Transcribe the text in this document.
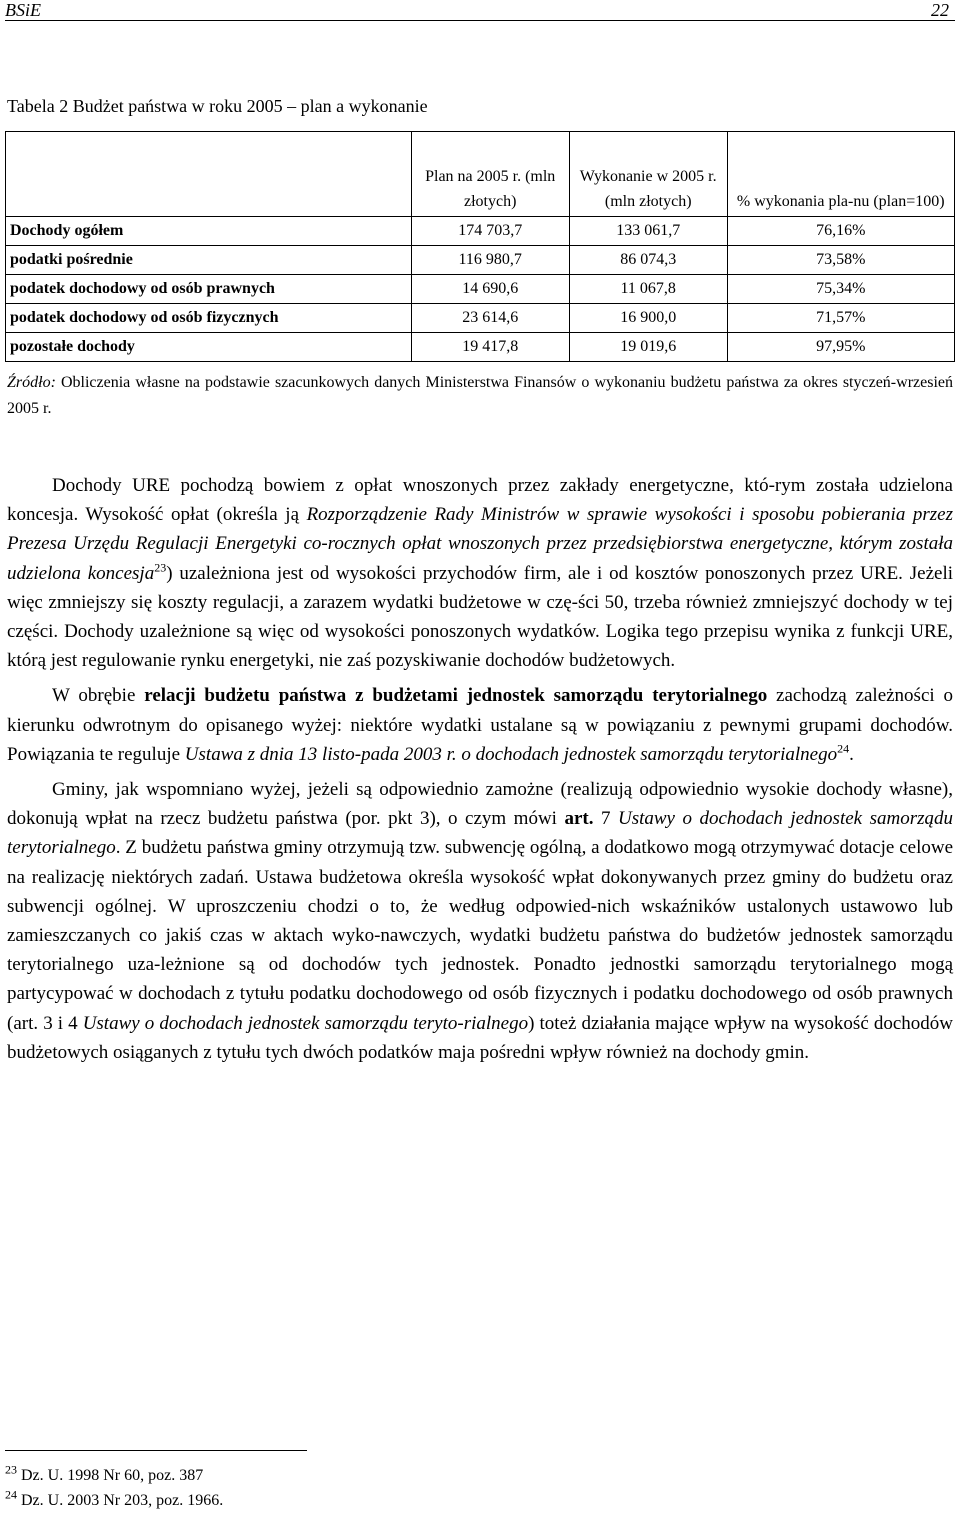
BSiE	22
Tabela 2 Budżet państwa w roku 2005 – plan a wykonanie
	Plan na 2005 r. (mln złotych)	Wykonanie w 2005 r. (mln złotych)	% wykonania pla-nu (plan=100)
Dochody ogółem	174 703,7	133 061,7	76,16%
podatki pośrednie	116 980,7	86 074,3	73,58%
podatek dochodowy od osób prawnych	14 690,6	11 067,8	75,34%
podatek dochodowy od osób fizycznych	23 614,6	16 900,0	71,57%
pozostałe dochody	19 417,8	19 019,6	97,95%
Źródło: Obliczenia własne na podstawie szacunkowych danych Ministerstwa Finansów o wykonaniu budżetu państwa za okres styczeń-wrzesień 2005 r.

Dochody URE pochodzą bowiem z opłat wnoszonych przez zakłady energetyczne, któ-rym została udzielona koncesja. Wysokość opłat (określa ją Rozporządzenie Rady Ministrów w sprawie wysokości i sposobu pobierania przez Prezesa Urzędu Regulacji Energetyki co-rocznych opłat wnoszonych przez przedsiębiorstwa energetyczne, którym została udzielona koncesja$^{23}$) uzależniona jest od wysokości przychodów firm, ale i od kosztów ponoszonych przez URE. Jeżeli więc zmniejszy się koszty regulacji, a zarazem wydatki budżetowe w czę-ści 50, trzeba również zmniejszyć dochody w tej części. Dochody uzależnione są więc od wysokości ponoszonych wydatków. Logika tego przepisu wynika z funkcji URE, którą jest regulowanie rynku energetyki, nie zaś pozyskiwanie dochodów budżetowych.

W obrębie relacji budżetu państwa z budżetami jednostek samorządu terytorialnego zachodzą zależności o kierunku odwrotnym do opisanego wyżej: niektóre wydatki ustalane są w powiązaniu z pewnymi grupami dochodów. Powiązania te reguluje Ustawa z dnia 13 listo-pada 2003 r. o dochodach jednostek samorządu terytorialnego$^{24}$.

Gminy, jak wspomniano wyżej, jeżeli są odpowiednio zamożne (realizują odpowiednio wysokie dochody własne), dokonują wpłat na rzecz budżetu państwa (por. pkt 3), o czym mówi art. 7 Ustawy o dochodach jednostek samorządu terytorialnego. Z budżetu państwa gminy otrzymują tzw. subwencję ogólną, a dodatkowo mogą otrzymywać dotacje celowe na realizację niektórych zadań. Ustawa budżetowa określa wysokość wpłat dokonywanych przez gminy do budżetu oraz subwencji ogólnej. W uproszczeniu chodzi o to, że według odpowied-nich wskaźników ustalonych ustawowo lub zamieszczanych co jakiś czas w aktach wyko-nawczych, wydatki budżetu państwa do budżetów jednostek samorządu terytorialnego uza-leżnione są od dochodów tych jednostek. Ponadto jednostki samorządu terytorialnego mogą partycypować w dochodach z tytułu podatku dochodowego od osób fizycznych i podatku dochodowego od osób prawnych (art. 3 i 4 Ustawy o dochodach jednostek samorządu teryto-rialnego) toteż działania mające wpływ na wysokość dochodów budżetowych osiąganych z tytułu tych dwóch podatków maja pośredni wpływ również na dochody gmin.

$^{23}$ Dz. U. 1998 Nr 60, poz. 387
$^{24}$ Dz. U. 2003 Nr 203, poz. 1966.
